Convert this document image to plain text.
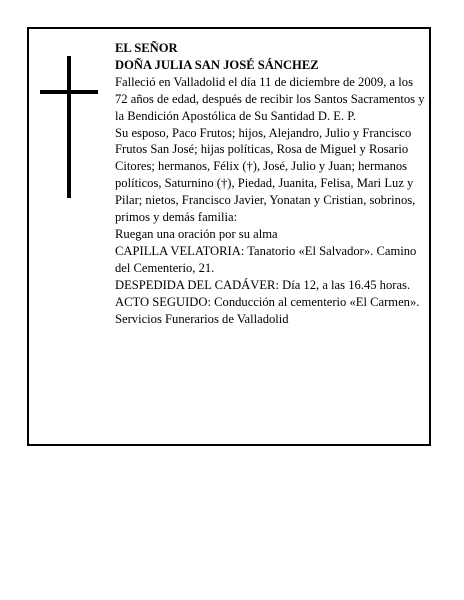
EL SEÑOR

DOÑA JULIA SAN JOSÉ SÁNCHEZ

Falleció en Valladolid el día 11 de diciembre de 2009, a los 72 años de edad, después de recibir los Santos Sacramentos y la Bendición Apostólica de Su Santidad D. E. P.

Su esposo, Paco Frutos; hijos, Alejandro, Julio y Francisco Frutos San José; hijas políticas, Rosa de Miguel y Rosario Citores; hermanos, Félix (†), José, Julio y Juan; hermanos políticos, Saturnino (†), Piedad, Juanita, Felisa, Mari Luz y Pilar; nietos, Francisco Javier, Yonatan y Cristian, sobrinos, primos y demás familia:

Ruegan una oración por su alma

CAPILLA VELATORIA: Tanatorio «El Salvador». Camino del Cementerio, 21.

DESPEDIDA DEL CADÁVER: Día 12, a las 16.45 horas.

ACTO SEGUIDO: Conducción al cementerio «El Carmen».

Servicios Funerarios de Valladolid
